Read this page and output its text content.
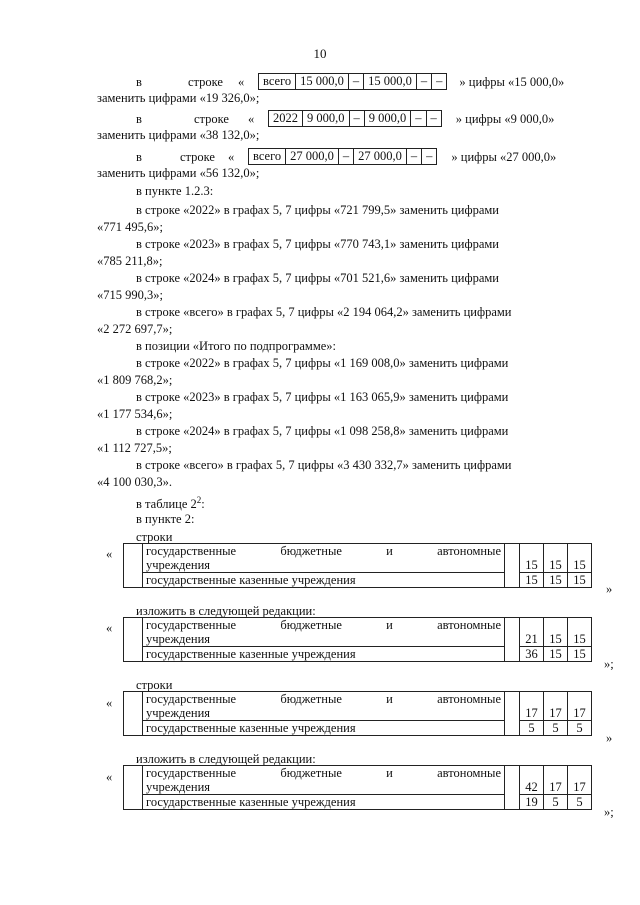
10
в	строке	«	всего 15 000,0 – 15 000,0 – –	» цифры «15 000,0»
заменить цифрами «19 326,0»;
в	строке	«	2022 9 000,0 – 9 000,0 – –	» цифры «9 000,0»
заменить цифрами «38 132,0»;
в	строке	«	всего 27 000,0 – 27 000,0 – –	» цифры «27 000,0»
заменить цифрами «56 132,0»;
в пункте 1.2.3:
в строке «2022» в графах 5, 7 цифры «721 799,5» заменить цифрами
«771 495,6»;
в строке «2023» в графах 5, 7 цифры «770 743,1» заменить цифрами
«785 211,8»;
в строке «2024» в графах 5, 7 цифры «701 521,6» заменить цифрами
«715 990,3»;
в строке «всего» в графах 5, 7 цифры «2 194 064,2» заменить цифрами
«2 272 697,7»;
в позиции «Итого по подпрограмме»:
в строке «2022» в графах 5, 7 цифры «1 169 008,0» заменить цифрами
«1 809 768,2»;
в строке «2023» в графах 5, 7 цифры «1 163 065,9» заменить цифрами
«1 177 534,6»;
в строке «2024» в графах 5, 7 цифры «1 098 258,8» заменить цифрами
«1 112 727,5»;
в строке «всего» в графах 5, 7 цифры «3 430 332,7» заменить цифрами
«4 100 030,3».
в таблице $2^2$:
в пункте 2:
строки
«

	государственные бюджетные и автономные
учреждения		15	15	15
	государственные казенные учреждения		15	15	15
»
изложить в следующей редакции:
«

	государственные бюджетные и автономные
учреждения		21	15	15
	государственные казенные учреждения		36	15	15
»;
строки
«

	государственные бюджетные и автономные
учреждения		17	17	17
	государственные казенные учреждения		5	5	5
»
изложить в следующей редакции:
«

	государственные бюджетные и автономные
учреждения		42	17	17
	государственные казенные учреждения		19	5	5
»;
